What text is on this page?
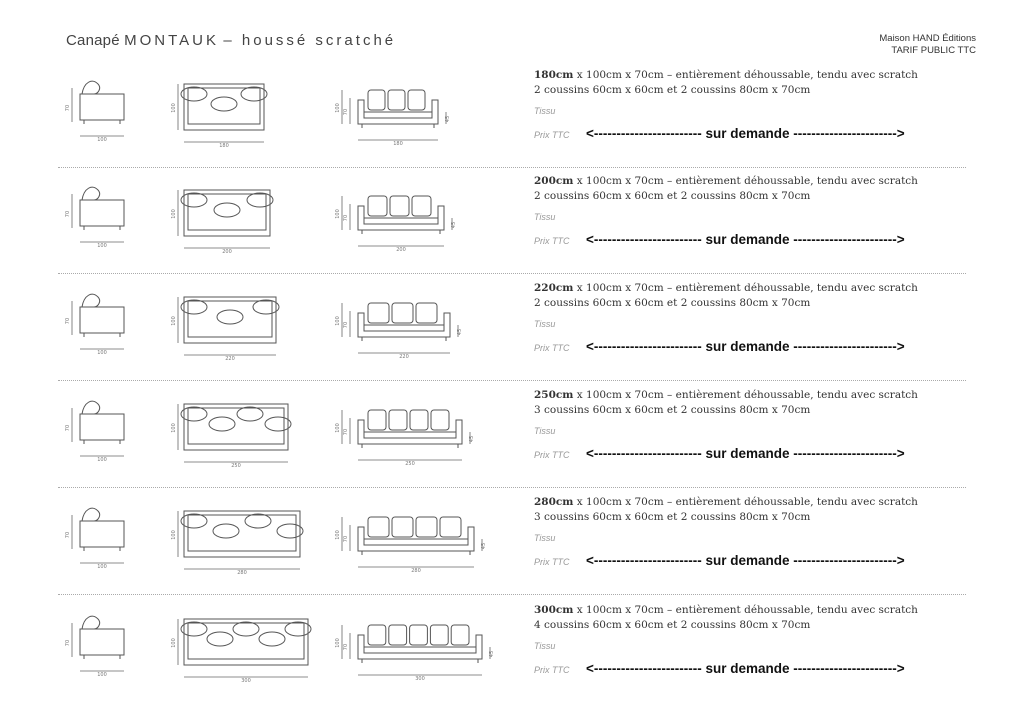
Canapé MONTAUK – houssé scratché	Maison HAND Éditions
TARIF PUBLIC TTC
100
70
180
100
180
100 70
45
180cm x 100cm x 70cm – entièrement déhoussable, tendu avec scratch
2 coussins 60cm x 60cm et 2 coussins 80cm x 70cm
Tissu
Prix TTC <------------------------ sur demande ----------------------->
100
70
200
100
200
100 70
45
200cm x 100cm x 70cm – entièrement déhoussable, tendu avec scratch
2 coussins 60cm x 60cm et 2 coussins 80cm x 70cm
Tissu
Prix TTC <------------------------ sur demande ----------------------->
100
70
220
100
220
100 70
45
220cm x 100cm x 70cm – entièrement déhoussable, tendu avec scratch
2 coussins 60cm x 60cm et 2 coussins 80cm x 70cm
Tissu
Prix TTC <------------------------ sur demande ----------------------->
100
70
250
100
250
100 70
45
250cm x 100cm x 70cm – entièrement déhoussable, tendu avec scratch
3 coussins 60cm x 60cm et 2 coussins 80cm x 70cm
Tissu
Prix TTC <------------------------ sur demande ----------------------->
100
70
280
100
280
100 70
45
280cm x 100cm x 70cm – entièrement déhoussable, tendu avec scratch
3 coussins 60cm x 60cm et 2 coussins 80cm x 70cm
Tissu
Prix TTC <------------------------ sur demande ----------------------->
100
70
300
100
300
100 70
45
300cm x 100cm x 70cm – entièrement déhoussable, tendu avec scratch
4 coussins 60cm x 60cm et 2 coussins 80cm x 70cm
Tissu
Prix TTC <------------------------ sur demande ----------------------->
